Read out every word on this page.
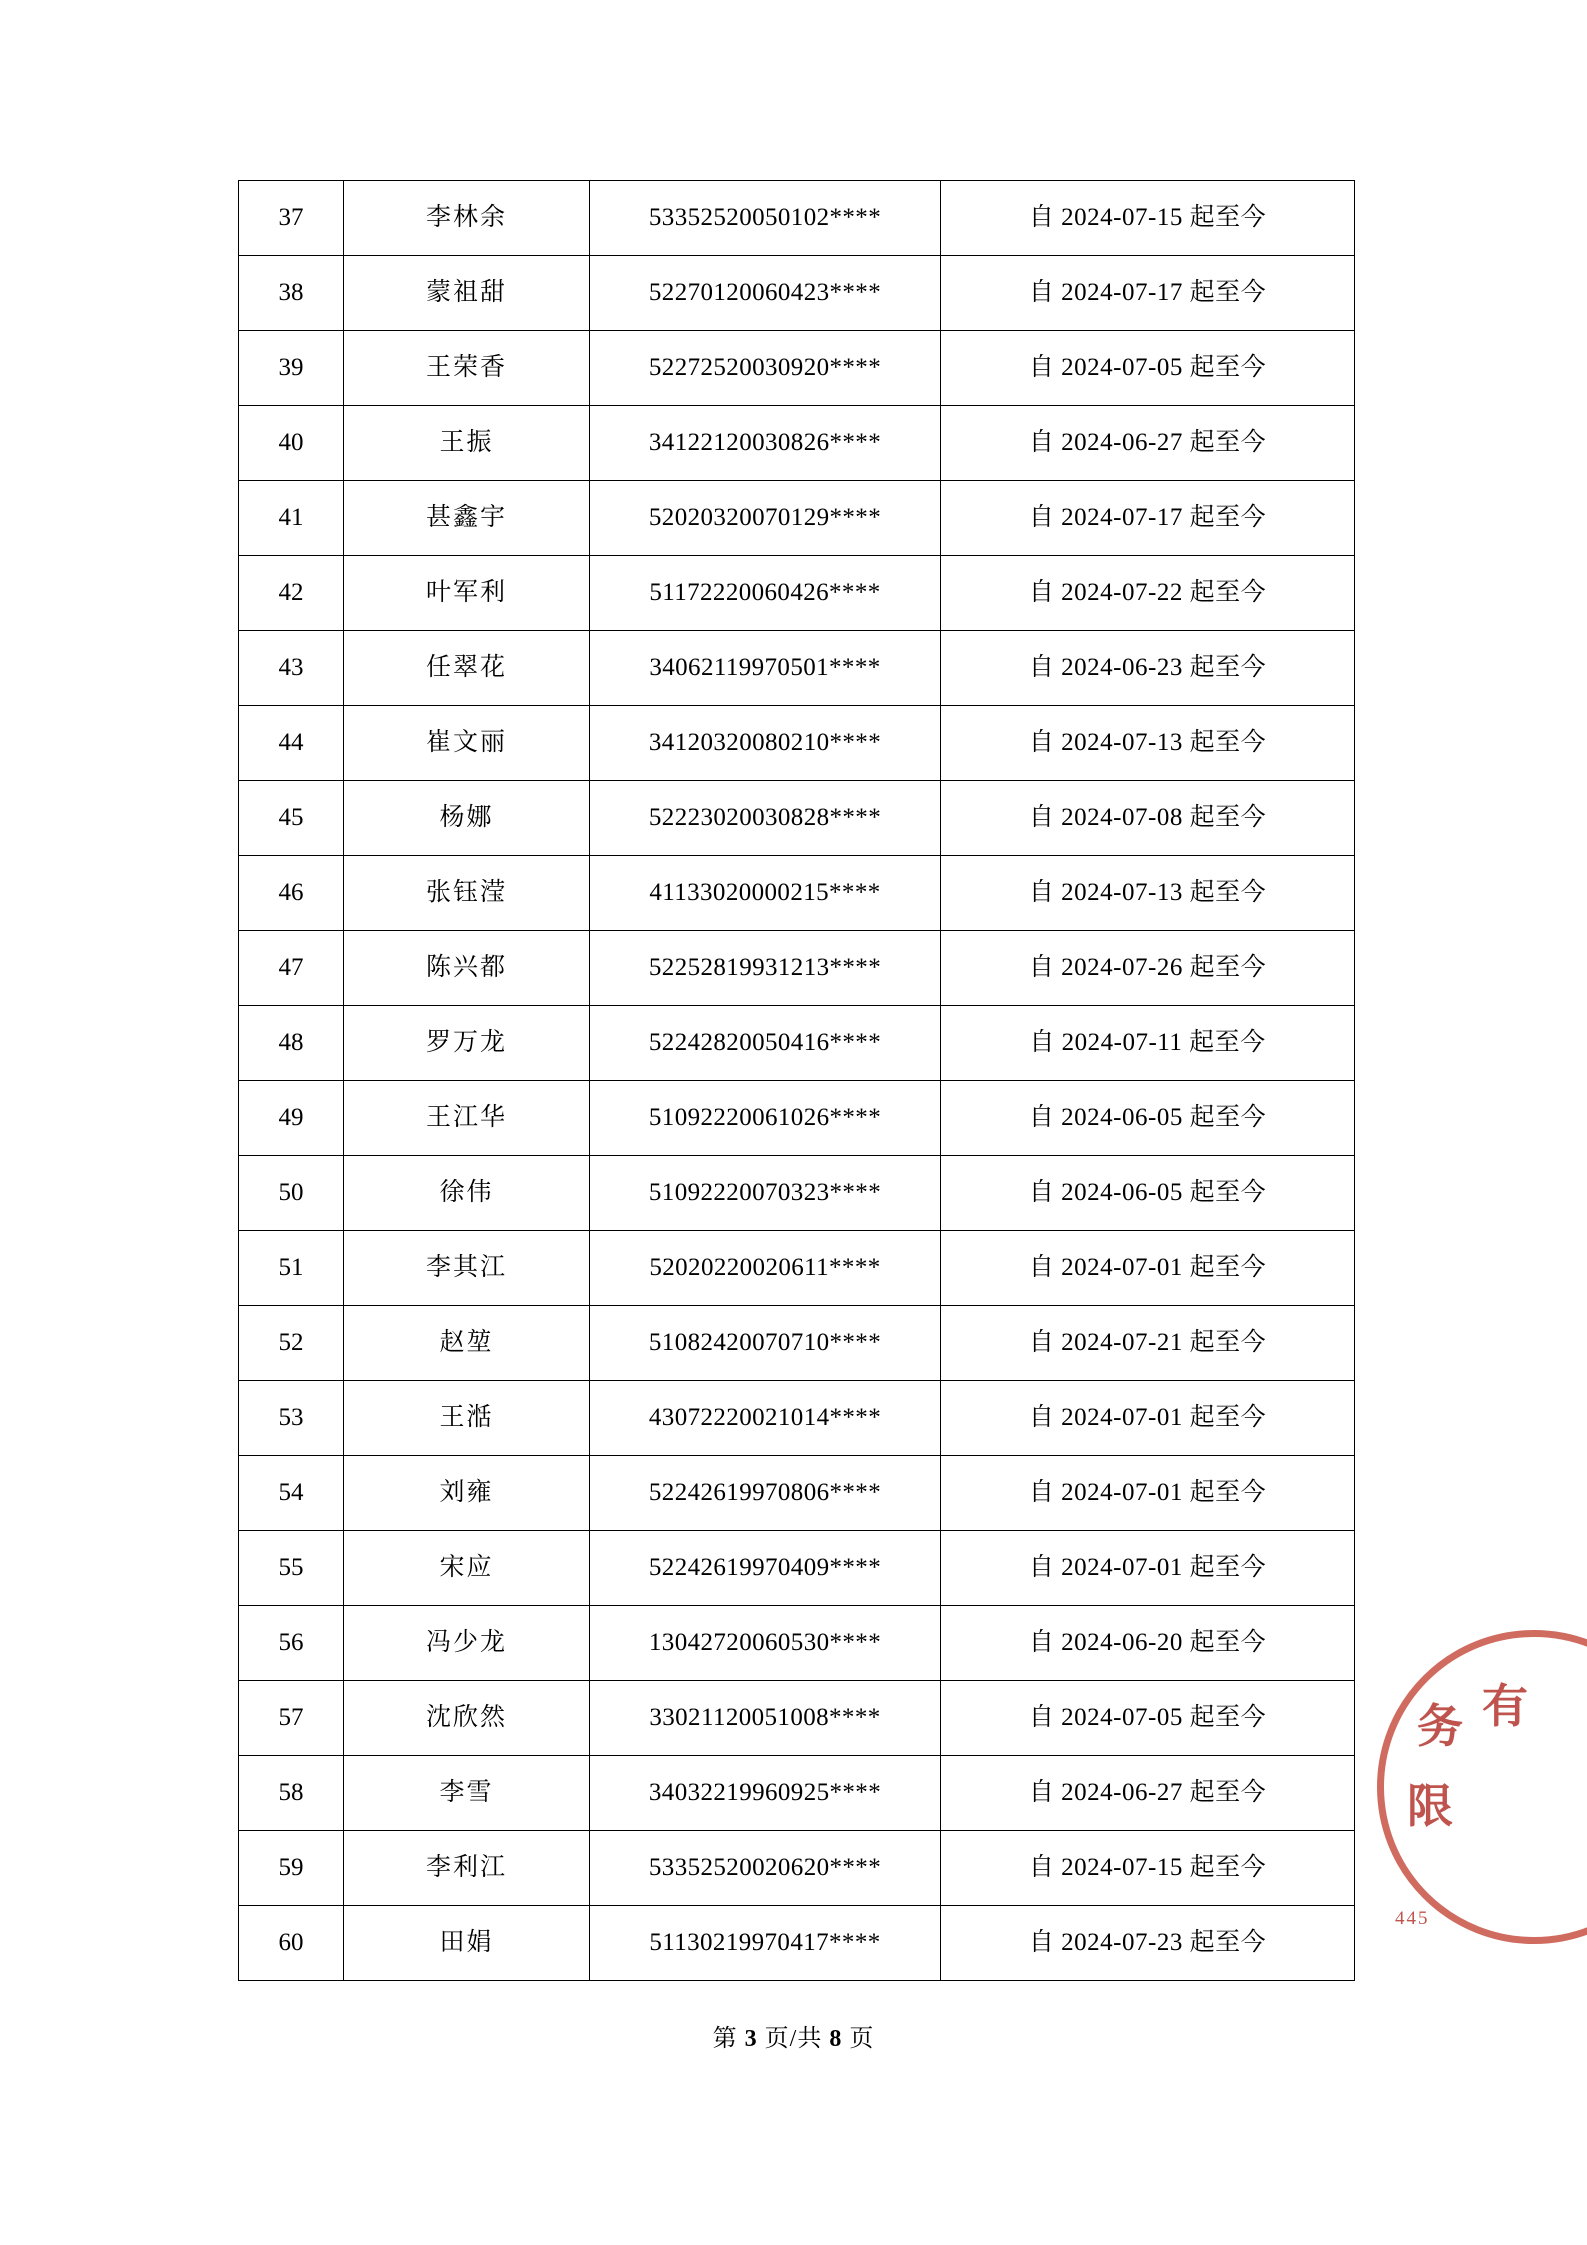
37	李林余	53352520050102****	自 2024-07-15 起至今
38	蒙祖甜	52270120060423****	自 2024-07-17 起至今
39	王荣香	52272520030920****	自 2024-07-05 起至今
40	王振	34122120030826****	自 2024-06-27 起至今
41	甚鑫宇	52020320070129****	自 2024-07-17 起至今
42	叶军利	51172220060426****	自 2024-07-22 起至今
43	任翠花	34062119970501****	自 2024-06-23 起至今
44	崔文丽	34120320080210****	自 2024-07-13 起至今
45	杨娜	52223020030828****	自 2024-07-08 起至今
46	张钰滢	41133020000215****	自 2024-07-13 起至今
47	陈兴都	52252819931213****	自 2024-07-26 起至今
48	罗万龙	52242820050416****	自 2024-07-11 起至今
49	王江华	51092220061026****	自 2024-06-05 起至今
50	徐伟	51092220070323****	自 2024-06-05 起至今
51	李其江	52020220020611****	自 2024-07-01 起至今
52	赵堃	51082420070710****	自 2024-07-21 起至今
53	王湉	43072220021014****	自 2024-07-01 起至今
54	刘雍	52242619970806****	自 2024-07-01 起至今
55	宋应	52242619970409****	自 2024-07-01 起至今
56	冯少龙	13042720060530****	自 2024-06-20 起至今
57	沈欣然	33021120051008****	自 2024-07-05 起至今
58	李雪	34032219960925****	自 2024-06-27 起至今
59	李利江	53352520020620****	自 2024-07-15 起至今
60	田娟	51130219970417****	自 2024-07-23 起至今
第 3 页/共 8 页
务 有
限
445
